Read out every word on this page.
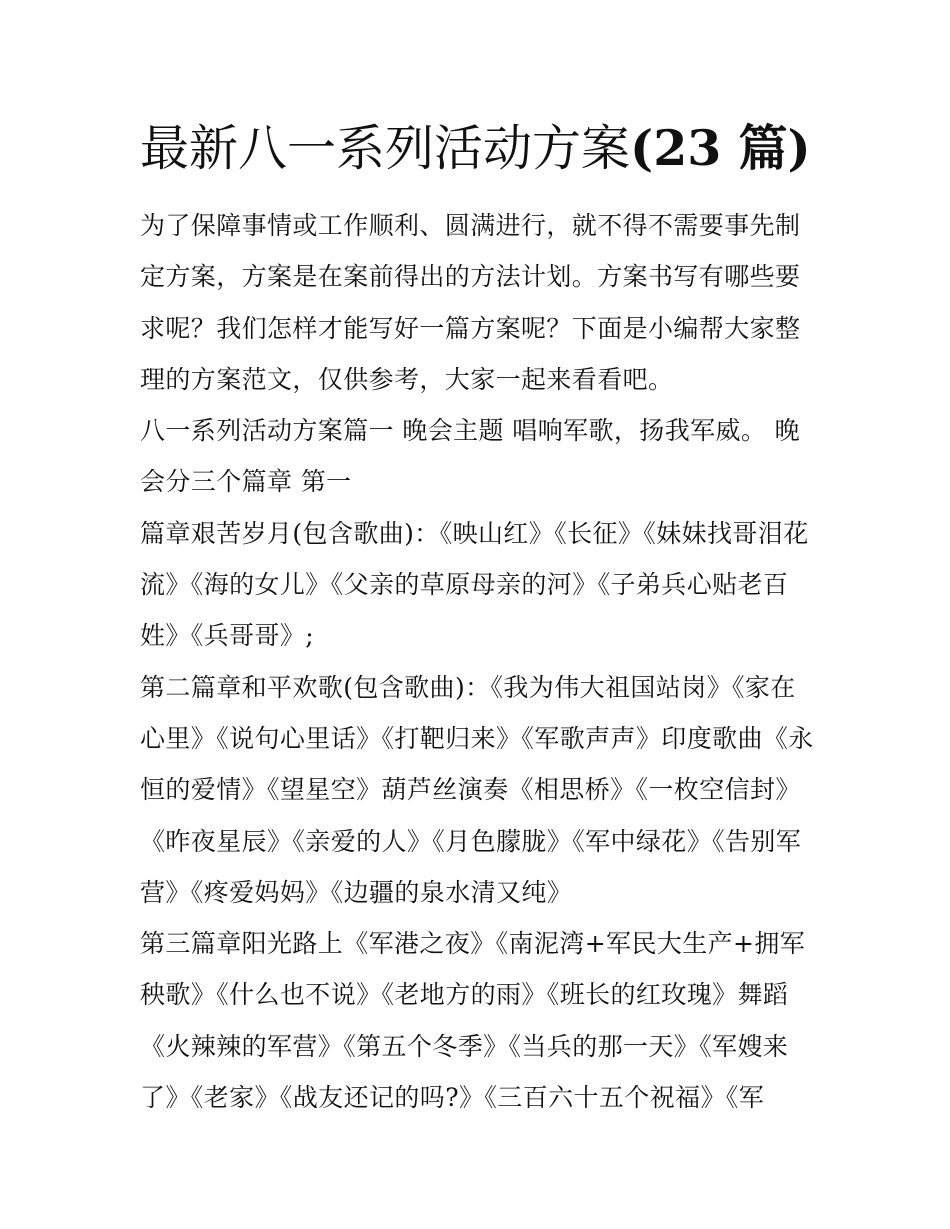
最新八一系列活动方案(23 篇)

为了保障事情或工作顺利、圆满进行，就不得不需要事先制定方案，方案是在案前得出的方法计划。方案书写有哪些要求呢？我们怎样才能写好一篇方案呢？下面是小编帮大家整理的方案范文，仅供参考，大家一起来看看吧。

八一系列活动方案篇一 晚会主题 唱响军歌，扬我军威。 晚会分三个篇章 第一

篇章艰苦岁月(包含歌曲)：《映山红》《长征》《妹妹找哥泪花流》《海的女儿》《父亲的草原母亲的河》《子弟兵心贴老百姓》《兵哥哥》;

第二篇章和平欢歌(包含歌曲)：《我为伟大祖国站岗》《家在心里》《说句心里话》《打靶归来》《军歌声声》印度歌曲《永恒的爱情》《望星空》葫芦丝演奏《相思桥》《一枚空信封》《昨夜星辰》《亲爱的人》《月色朦胧》《军中绿花》《告别军营》《疼爱妈妈》《边疆的泉水清又纯》

第三篇章阳光路上《军港之夜》《南泥湾+军民大生产+拥军秧歌》《什么也不说》《老地方的雨》《班长的红玫瑰》舞蹈《火辣辣的军营》《第五个冬季》《当兵的那一天》《军嫂来了》《老家》《战友还记的吗?》《三百六十五个祝福》《军
